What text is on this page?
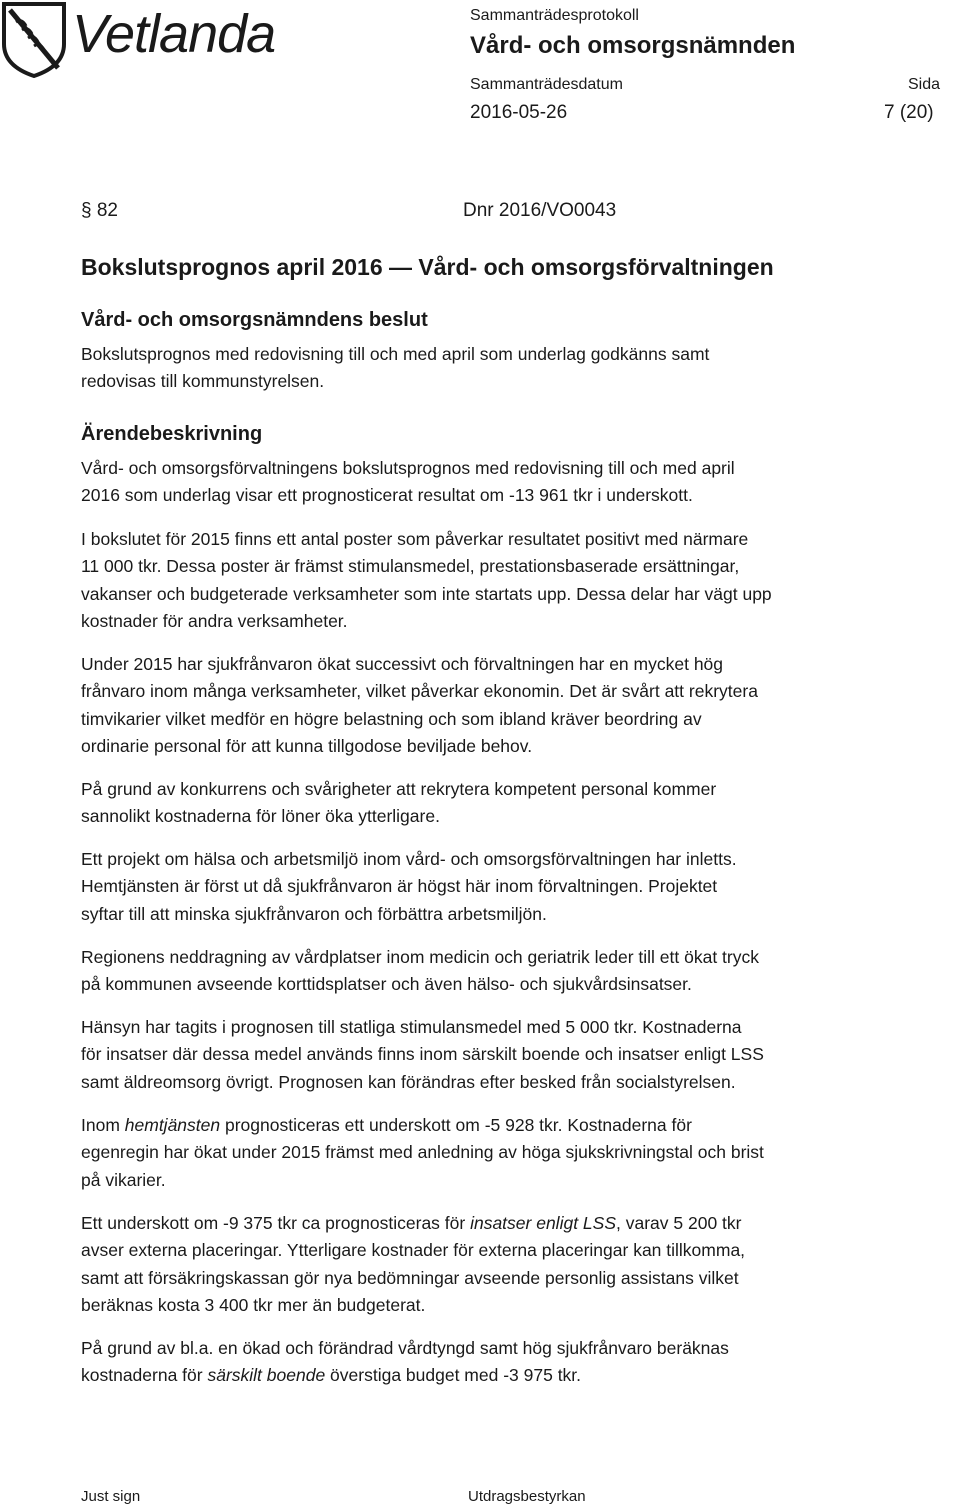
Vetlanda	Sammanträdesprotokoll
Vård- och omsorgsnämnden
Sammanträdesdatum
2016-05-26
Sida
7 (20)
§ 82	Dnr 2016/VO0043
Bokslutsprognos april 2016 — Vård- och omsorgsförvaltningen
Vård- och omsorgsnämndens beslut
Bokslutsprognos med redovisning till och med april som underlag godkänns samt
redovisas till kommunstyrelsen.
Ärendebeskrivning
Vård- och omsorgsförvaltningens bokslutsprognos med redovisning till och med april
2016 som underlag visar ett prognosticerat resultat om -13 961 tkr i underskott.
I bokslutet för 2015 finns ett antal poster som påverkar resultatet positivt med närmare
11 000 tkr. Dessa poster är främst stimulansmedel, prestationsbaserade ersättningar,
vakanser och budgeterade verksamheter som inte startats upp. Dessa delar har vägt upp
kostnader för andra verksamheter.
Under 2015 har sjukfrånvaron ökat successivt och förvaltningen har en mycket hög
frånvaro inom många verksamheter, vilket påverkar ekonomin. Det är svårt att rekrytera
timvikarier vilket medför en högre belastning och som ibland kräver beordring av
ordinarie personal för att kunna tillgodose beviljade behov.
På grund av konkurrens och svårigheter att rekrytera kompetent personal kommer
sannolikt kostnaderna för löner öka ytterligare.
Ett projekt om hälsa och arbetsmiljö inom vård- och omsorgsförvaltningen har inletts.
Hemtjänsten är först ut då sjukfrånvaron är högst här inom förvaltningen. Projektet
syftar till att minska sjukfrånvaron och förbättra arbetsmiljön.
Regionens neddragning av vårdplatser inom medicin och geriatrik leder till ett ökat tryck
på kommunen avseende korttidsplatser och även hälso- och sjukvårdsinsatser.
Hänsyn har tagits i prognosen till statliga stimulansmedel med 5 000 tkr. Kostnaderna
för insatser där dessa medel används finns inom särskilt boende och insatser enligt LSS
samt äldreomsorg övrigt. Prognosen kan förändras efter besked från socialstyrelsen.
Inom hemtjänsten prognosticeras ett underskott om -5 928 tkr. Kostnaderna för
egenregin har ökat under 2015 främst med anledning av höga sjukskrivningstal och brist
på vikarier.
Ett underskott om -9 375 tkr ca prognosticeras för insatser enligt LSS, varav 5 200 tkr
avser externa placeringar. Ytterligare kostnader för externa placeringar kan tillkomma,
samt att försäkringskassan gör nya bedömningar avseende personlig assistans vilket
beräknas kosta 3 400 tkr mer än budgeterat.
På grund av bl.a. en ökad och förändrad vårdtyngd samt hög sjukfrånvaro beräknas
kostnaderna för särskilt boende överstiga budget med -3 975 tkr.
Just sign	Utdragsbestyrkan
